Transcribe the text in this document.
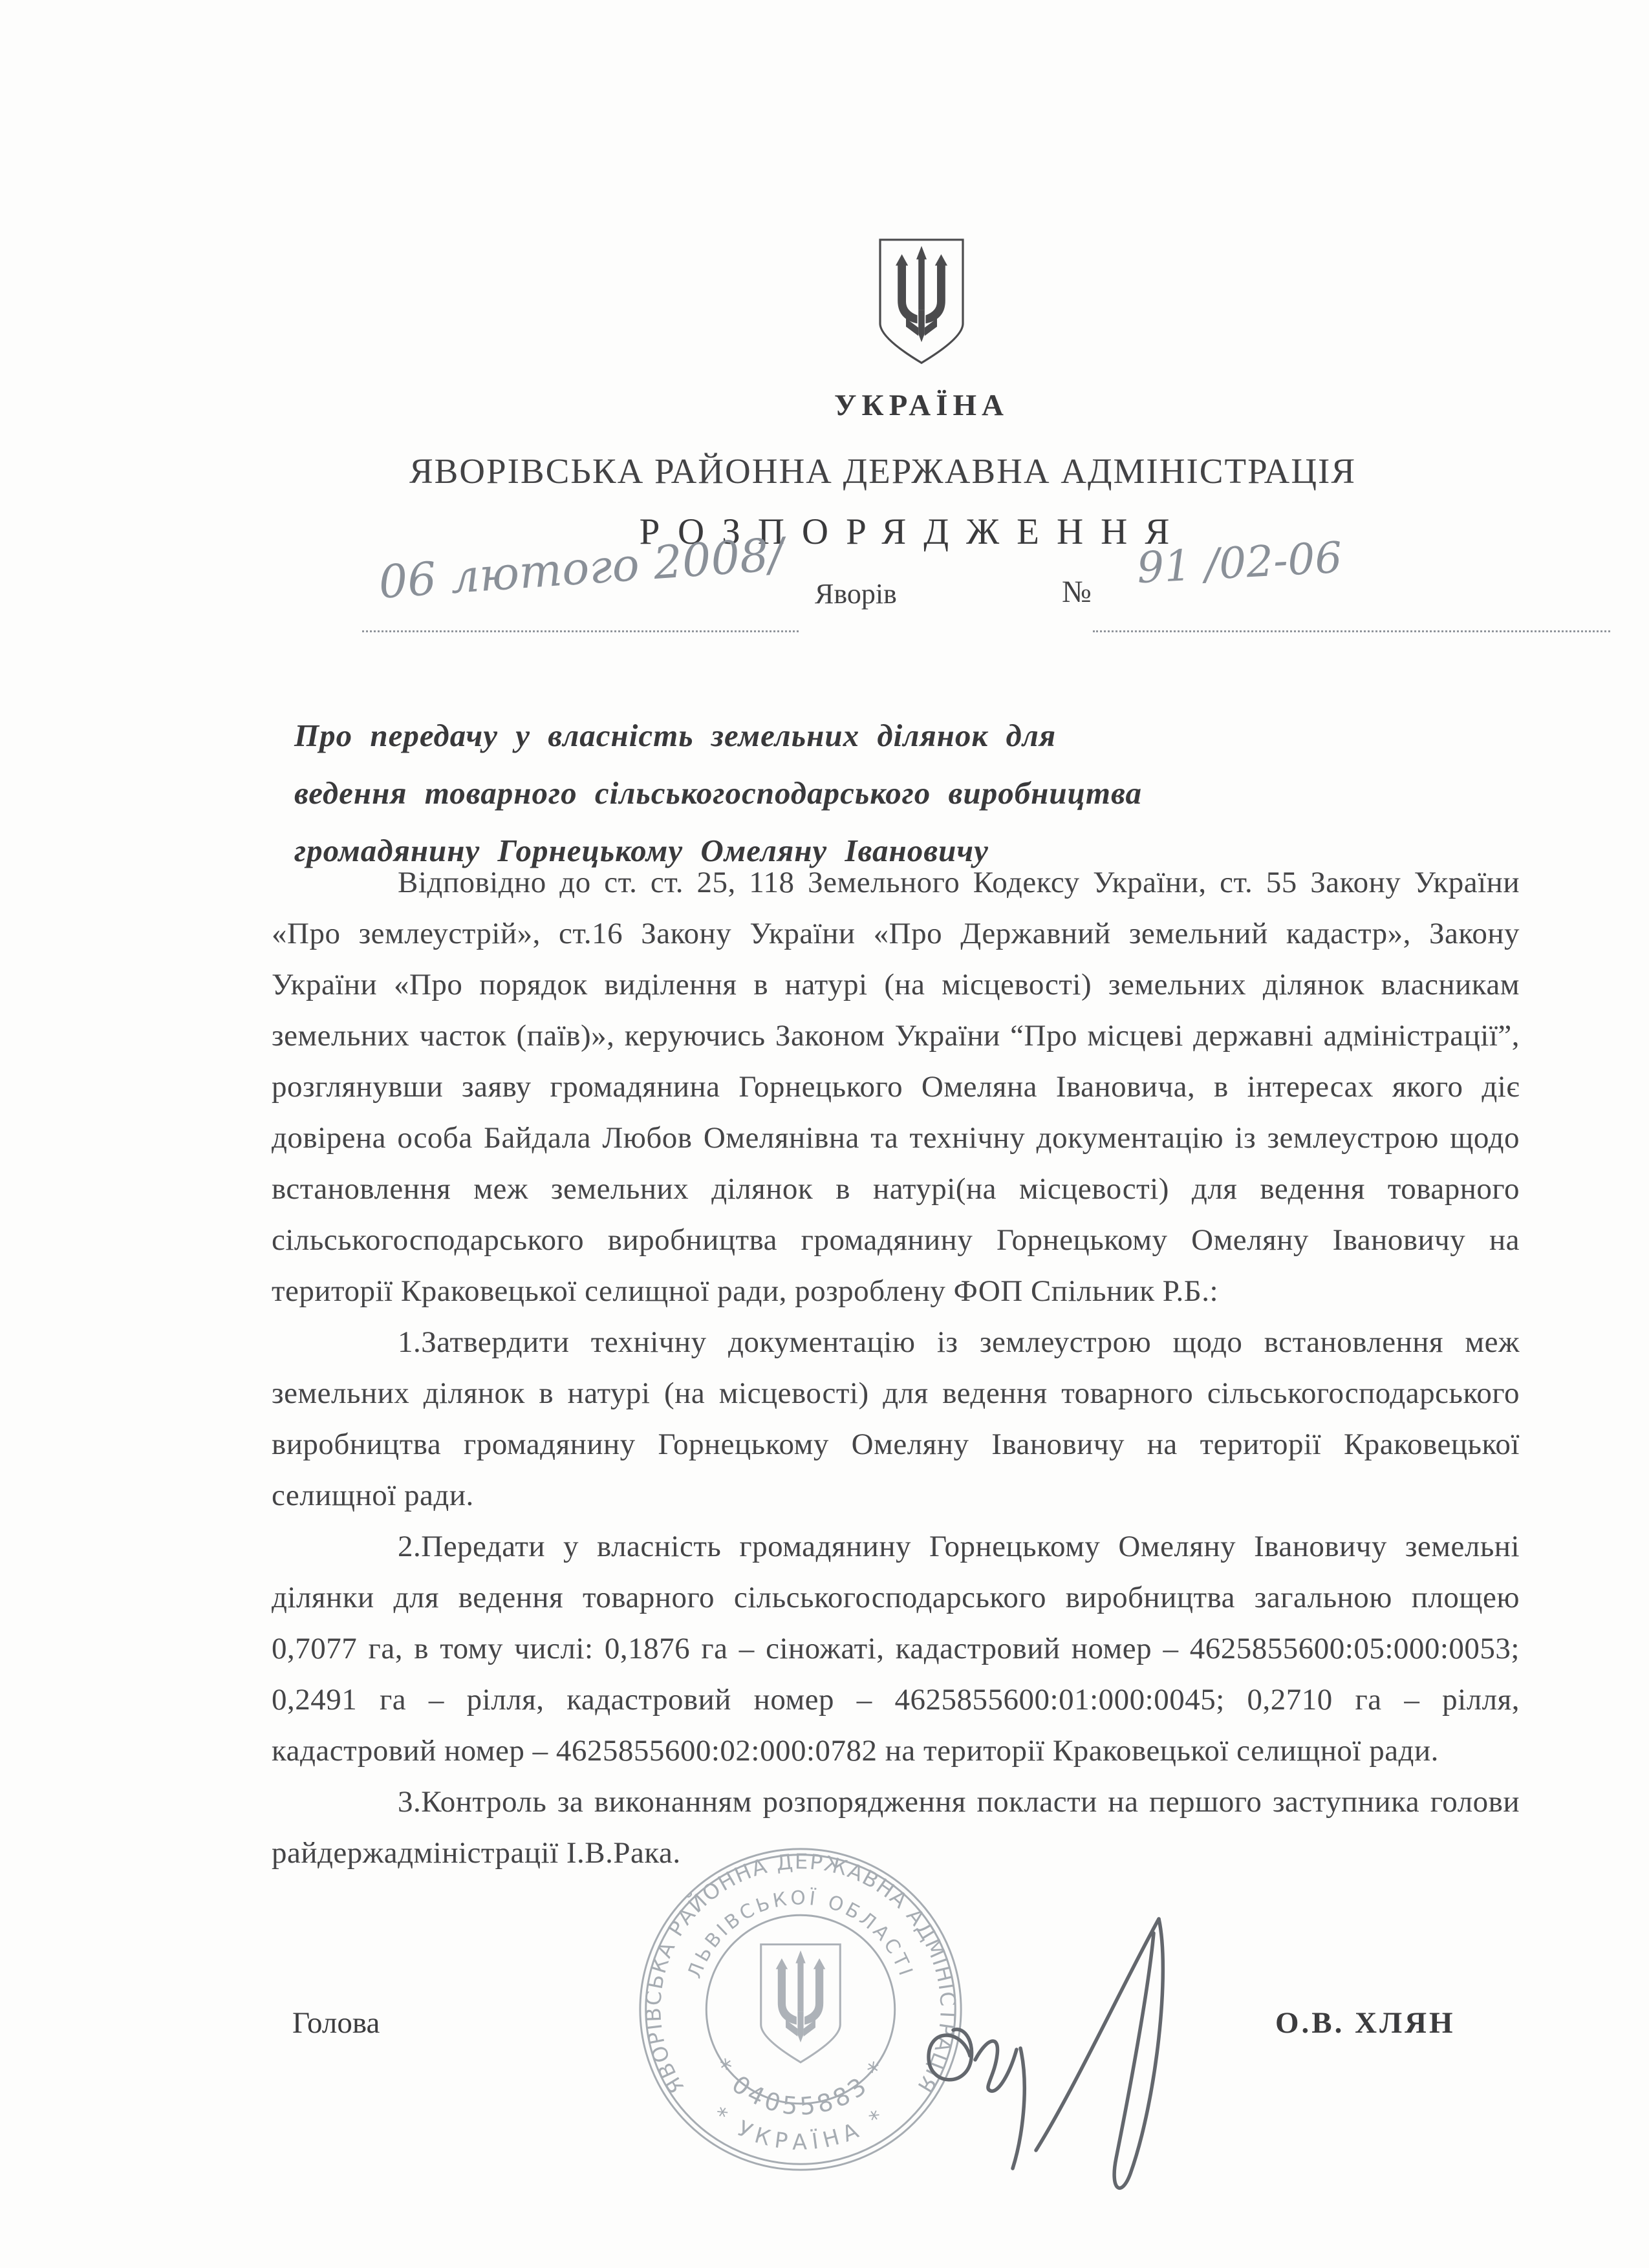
УКРАЇНА
ЯВОРІВСЬКА РАЙОННА ДЕРЖАВНА АДМІНІСТРАЦІЯ
РОЗПОРЯДЖЕННЯ
06 лютого 2008/ Яворів	№ 91 /02-06
Про передачу у власність земельних ділянок для
ведення товарного сільськогосподарського виробництва
громадянину Горнецькому Омеляну Івановичу

Відповідно до ст. ст. 25, 118 Земельного Кодексу України, ст. 55 Закону України «Про землеустрій», ст.16 Закону України «Про Державний земельний кадастр», Закону України «Про порядок виділення в натурі (на місцевості) земельних ділянок власникам земельних часток (паїв)», керуючись Законом України “Про місцеві державні адміністрації”, розглянувши заяву громадянина Горнецького Омеляна Івановича, в інтересах якого діє довірена особа Байдала Любов Омелянівна та технічну документацію із землеустрою щодо встановлення меж земельних ділянок в натурі(на місцевості) для ведення товарного сільськогосподарського виробництва громадянину Горнецькому Омеляну Івановичу на території Краковецької селищної ради, розроблену ФОП Спільник Р.Б.:

1.Затвердити технічну документацію із землеустрою щодо встановлення меж земельних ділянок в натурі (на місцевості) для ведення товарного сільськогосподарського виробництва громадянину Горнецькому Омеляну Івановичу на території Краковецької селищної ради.

2.Передати у власність громадянину Горнецькому Омеляну Івановичу земельні ділянки для ведення товарного сільськогосподарського виробництва загальною площею 0,7077 га, в тому числі: 0,1876 га – сіножаті, кадастровий номер – 4625855600:05:000:0053; 0,2491 га – рілля, кадастровий номер – 4625855600:01:000:0045; 0,2710 га – рілля, кадастровий номер – 4625855600:02:000:0782 на території Краковецької селищної ради.

3.Контроль за виконанням розпорядження покласти на першого заступника голови райдержадміністрації І.В.Рака.

ЯВОРІВСЬКА РАЙОННА ДЕРЖАВНА АДМІНІСТРАЦІЯ
* УКРАЇНА *
ЛЬВІВСЬКОЇ ОБЛАСТІ
* 04055883 *
Голова	О.В. ХЛЯН
